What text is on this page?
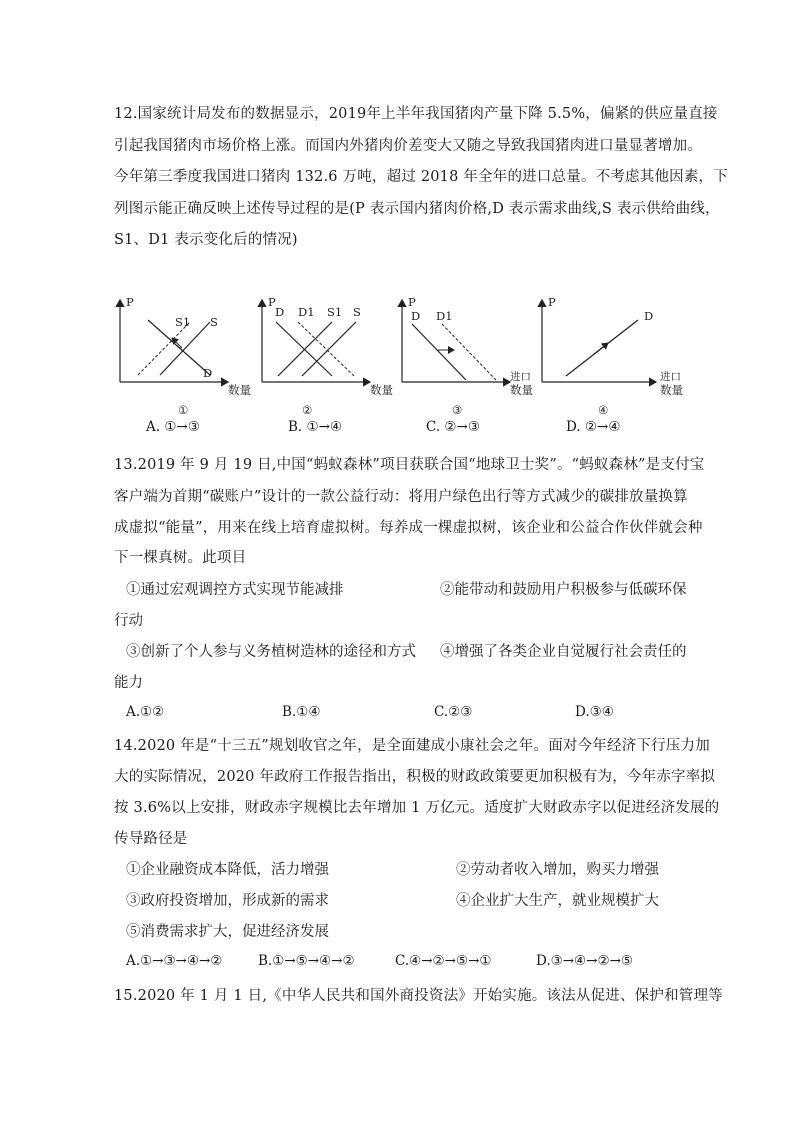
12.国家统计局发布的数据显示，2019年上半年我国猪肉产量下降 5.5%，偏紧的供应量直接
引起我国猪肉市场价格上涨。而国内外猪肉价差变大又随之导致我国猪肉进口量显著增加。
今年第三季度我国进口猪肉 132.6 万吨，超过 2018 年全年的进口总量。不考虑其他因素，下
列图示能正确反映上述传导过程的是(P 表示国内猪肉价格,D 表示需求曲线,S 表示供给曲线，
S1、D1 表示变化后的情况)
P
数量
S1 S
D
①
P
数量
D D1 S1 S
②
P
进口
数量
D D1
③
P
进口
数量
D
④
A. ①→③	B. ①→④	C. ②→③	D. ②→④
13.2019 年 9 月 19 日,中国“蚂蚁森林”项目获联合国“地球卫士奖”。“蚂蚁森林”是支付宝
客户端为首期“碳账户”设计的一款公益行动：将用户绿色出行等方式减少的碳排放量换算
成虚拟“能量”，用来在线上培育虚拟树。每养成一棵虚拟树，该企业和公益合作伙伴就会种
下一棵真树。此项目
①通过宏观调控方式实现节能减排	②能带动和鼓励用户积极参与低碳环保
行动
③创新了个人参与义务植树造林的途径和方式 ④增强了各类企业自觉履行社会责任的
能力
A.①②	B.①④	C.②③	D.③④
14.2020 年是“十三五”规划收官之年，是全面建成小康社会之年。面对今年经济下行压力加
大的实际情况，2020 年政府工作报告指出，积极的财政政策要更加积极有为，今年赤字率拟
按 3.6%以上安排，财政赤字规模比去年增加 1 万亿元。适度扩大财政赤字以促进经济发展的
传导路径是
①企业融资成本降低，活力增强	②劳动者收入增加，购买力增强
③政府投资增加，形成新的需求	④企业扩大生产，就业规模扩大
⑤消费需求扩大，促进经济发展
A.①→③→④→②	B.①→⑤→④→②	C.④→②→⑤→①	D.③→④→②→⑤
15.2020 年 1 月 1 日,《中华人民共和国外商投资法》开始实施。该法从促进、保护和管理等
